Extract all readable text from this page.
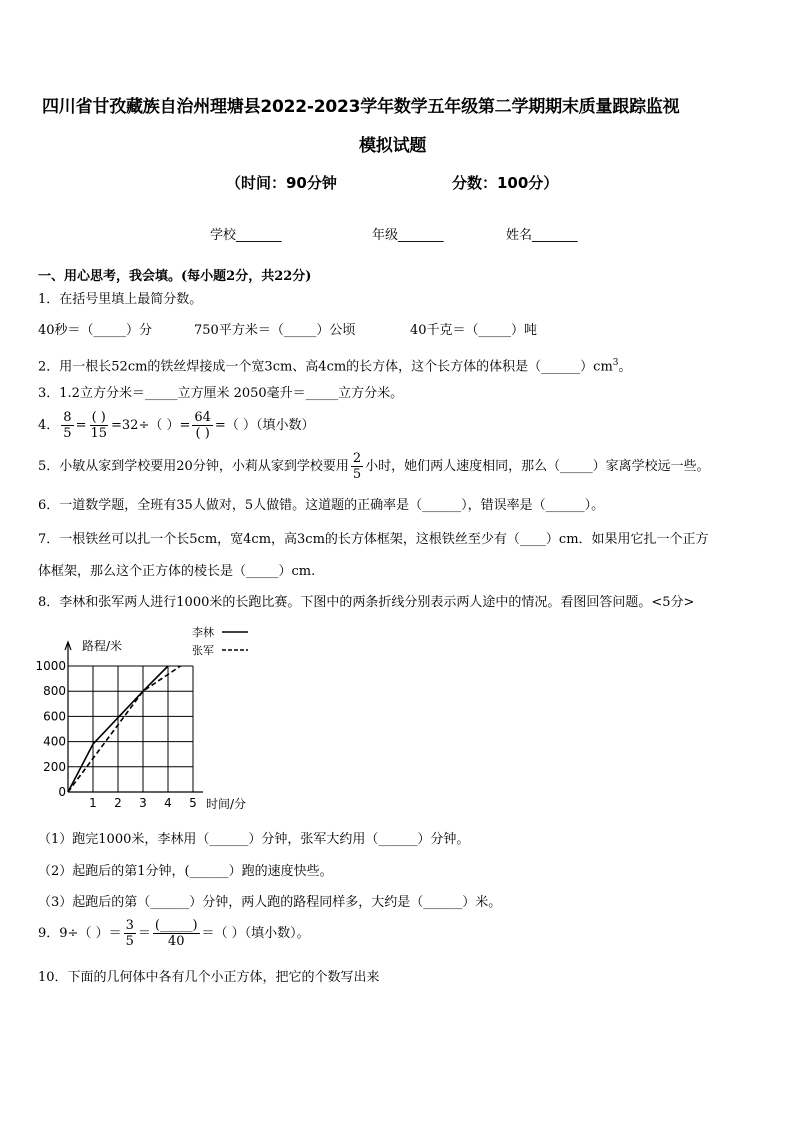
四川省甘孜藏族自治州理塘县2022-2023学年数学五年级第二学期期末质量跟踪监视
模拟试题
（时间：90分钟	分数：100分）
学校_______	年级_______	姓名_______
一、用心思考，我会填。(每小题2分，共22分)
1．在括号里填上最简分数。
40秒＝（_____）分	750平方米＝（_____）公顷	40千克＝（_____）吨
2．用一根长52cm的铁丝焊接成一个宽3cm、高4cm的长方体，这个长方体的体积是$(\_\_\_\_\_\_)cm^3$。
3．1.2立方分米＝_____立方厘米 2050毫升＝_____立方分米。
4． $\frac{8}{5} = \frac{( )}{15} =32\div$（ ）= $\frac{64}{( )}$ =（ ）（填小数）
5．小敏从家到学校要用20分钟，小莉从家到学校要用 $\frac{2}{5}$ 小时，她们两人速度相同，那么（_____）家离学校远一些。
6．一道数学题，全班有35人做对，5人做错。这道题的正确率是（______），错误率是（______）。
7．一根铁丝可以扎一个长5cm，宽4cm，高3cm的长方体框架，这根铁丝至少有（____）cm．如果用它扎一个正方
体框架，那么这个正方体的棱长是（_____）cm.
8．李林和张军两人进行1000米的长跑比赛。下图中的两条折线分别表示两人途中的情况。看图回答问题。<5分>
路程/米
时间/分
1 2 3 4 5
0
200
400
600
800
1000
李林
张军
（1）跑完1000米，李林用（______）分钟，张军大约用（______）分钟。
（2）起跑后的第1分钟，(______）跑的速度快些。
（3）起跑后的第（______）分钟，两人跑的路程同样多，大约是（______）米。
9．9÷（ ）＝ $\frac{3}{5} = \frac{(\_\_\_\_\_)}{40}$ ＝（ ）（填小数）。
10．下面的几何体中各有几个小正方体，把它的个数写出来
